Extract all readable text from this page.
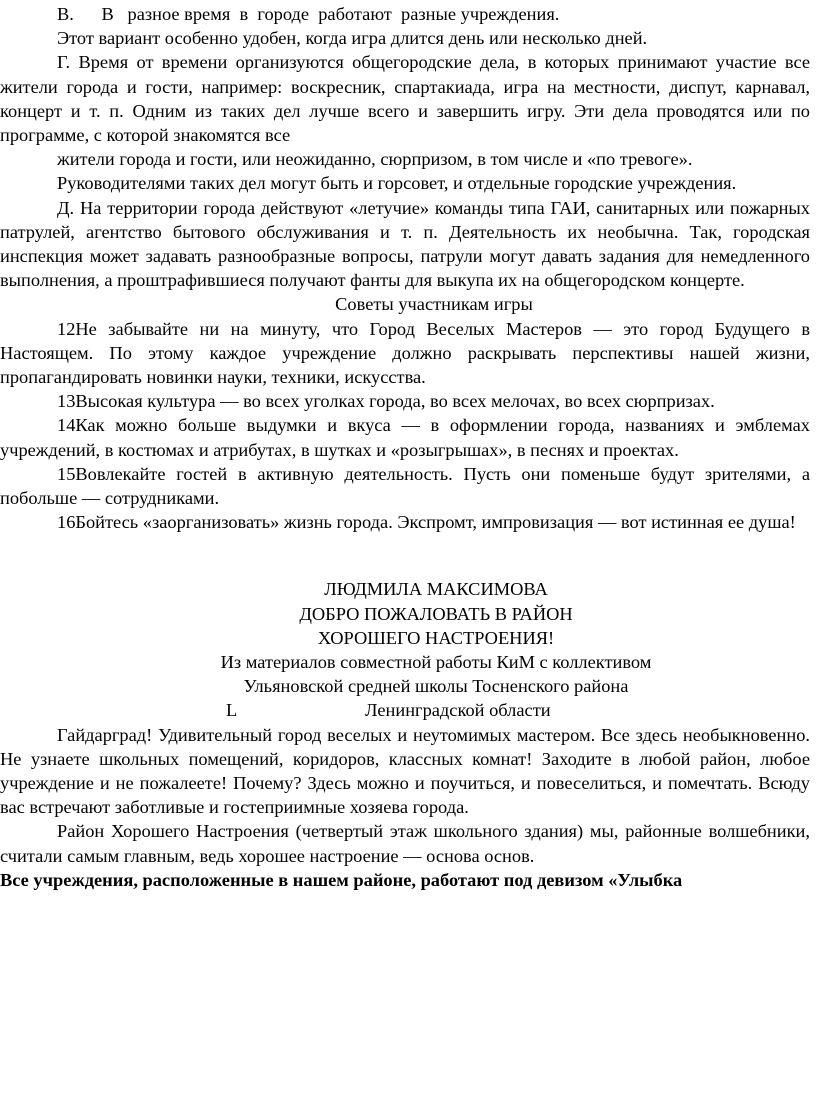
В.      В   разное время  в  городе  работают  разные учреждения.

Этот вариант особенно удобен, когда игра длится день или несколько дней.

Г. Время от времени организуются общегородские дела, в которых принимают участие все жители города и гости, например: воскресник, спартакиада, игра на местности, диспут, карнавал, концерт и т. п. Одним из таких дел лучше всего и завершить игру. Эти дела проводятся или по программе, с которой знакомятся все

жители города и гости, или неожиданно, сюрпризом, в том числе и «по тревоге».

Руководителями таких дел могут быть и горсовет, и отдельные городские учреждения.

Д. На территории города действуют «летучие» команды типа ГАИ, санитарных или пожарных патрулей, агентство бытового обслуживания и т. п. Деятельность их необычна. Так, городская инспекция может задавать разнообразные вопросы, патрули могут давать задания для немедленного выполнения, а проштрафившиеся получают фанты для выкупа их на общегородском концерте.

Советы участникам игры

12Не забывайте ни на минуту, что Город Веселых Мастеров — это город Будущего в Настоящем. По этому каждое учреждение должно раскрывать перспективы нашей жизни, пропагандировать новинки науки, техники, искусства.

13Высокая культура — во всех уголках города, во всех мелочах, во всех сюрпризах.

14Как можно больше выдумки и вкуса — в оформлении города, названиях и эмблемах учреждений, в костюмах и атрибутах, в шутках и «розыгрышах», в песнях и проектах.

15Вовлекайте гостей в активную деятельность. Пусть они поменьше будут зрителями, а побольше — сотрудниками.

16Бойтесь «заорганизовать» жизнь города. Экспромт, импровизация — вот истинная ее душа!

ЛЮДМИЛА МАКСИМОВА

ДОБРО ПОЖАЛОВАТЬ В РАЙОН

ХОРОШЕГО НАСТРОЕНИЯ!

Из материалов совместной работы КиМ с коллективом

Ульяновской средней школы Тосненского района

L	Ленинградской области

Гайдарград! Удивительный город веселых и неутомимых мастером. Все здесь необыкновенно. Не узнаете школьных помещений, коридоров, классных комнат! Заходите в любой район, любое учреждение и не пожалеете! Почему? Здесь можно и поучиться, и повеселиться, и помечтать. Всюду вас встречают заботливые и гостеприимные хозяева города.

Район Хорошего Настроения (четвертый этаж школьного здания) мы, районные волшебники, считали самым главным, ведь хорошее настроение — основа основ.

Все учреждения, расположенные в нашем районе, работают под девизом «Улыбка
